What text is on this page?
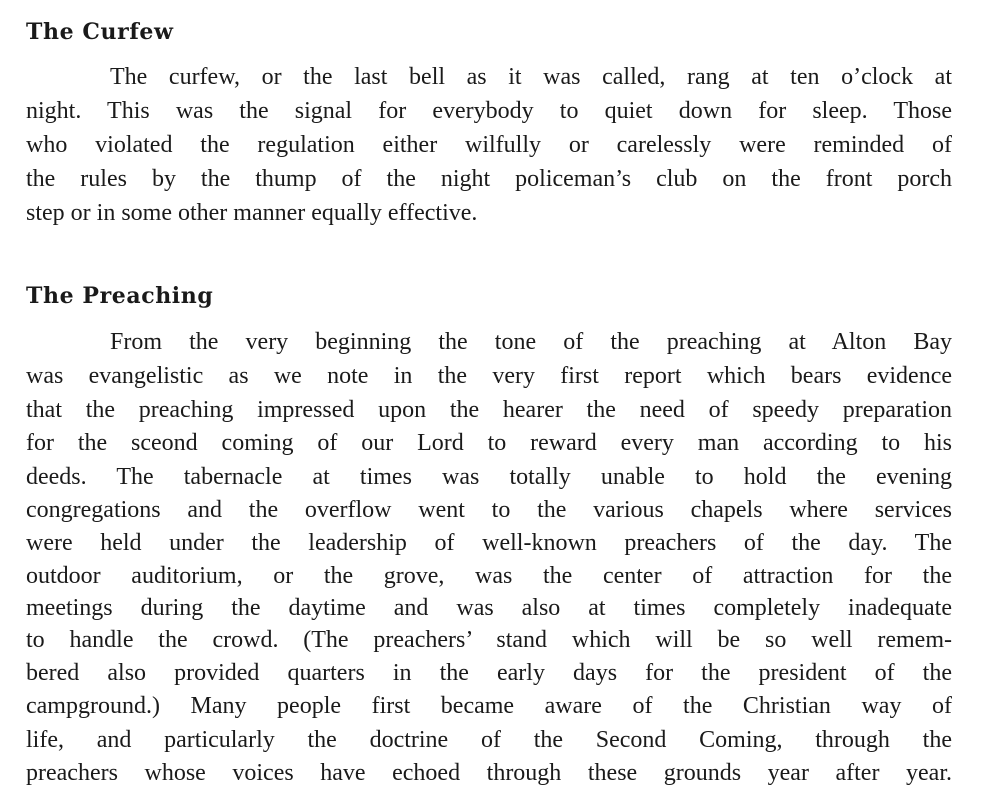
The Curfew

The curfew, or the last bell as it was called, rang at ten o’clock at

night. This was the signal for everybody to quiet down for sleep. Those

who violated the regulation either wilfully or carelessly were reminded of

the rules by the thump of the night policeman’s club on the front porch

step or in some other manner equally effective.

The Preaching

From the very beginning the tone of the preaching at Alton Bay

was evangelistic as we note in the very first report which bears evidence

that the preaching impressed upon the hearer the need of speedy preparation

for the sceond coming of our Lord to reward every man according to his

deeds. The tabernacle at times was totally unable to hold the evening

congregations and the overflow went to the various chapels where services

were held under the leadership of well-known preachers of the day. The

outdoor auditorium, or the grove, was the center of attraction for the

meetings during the daytime and was also at times completely inadequate

to handle the crowd. (The preachers’ stand which will be so well remem-

bered also provided quarters in the early days for the president of the

campground.) Many people first became aware of the Christian way of

life, and particularly the doctrine of the Second Coming, through the

preachers whose voices have echoed through these grounds year after year.
